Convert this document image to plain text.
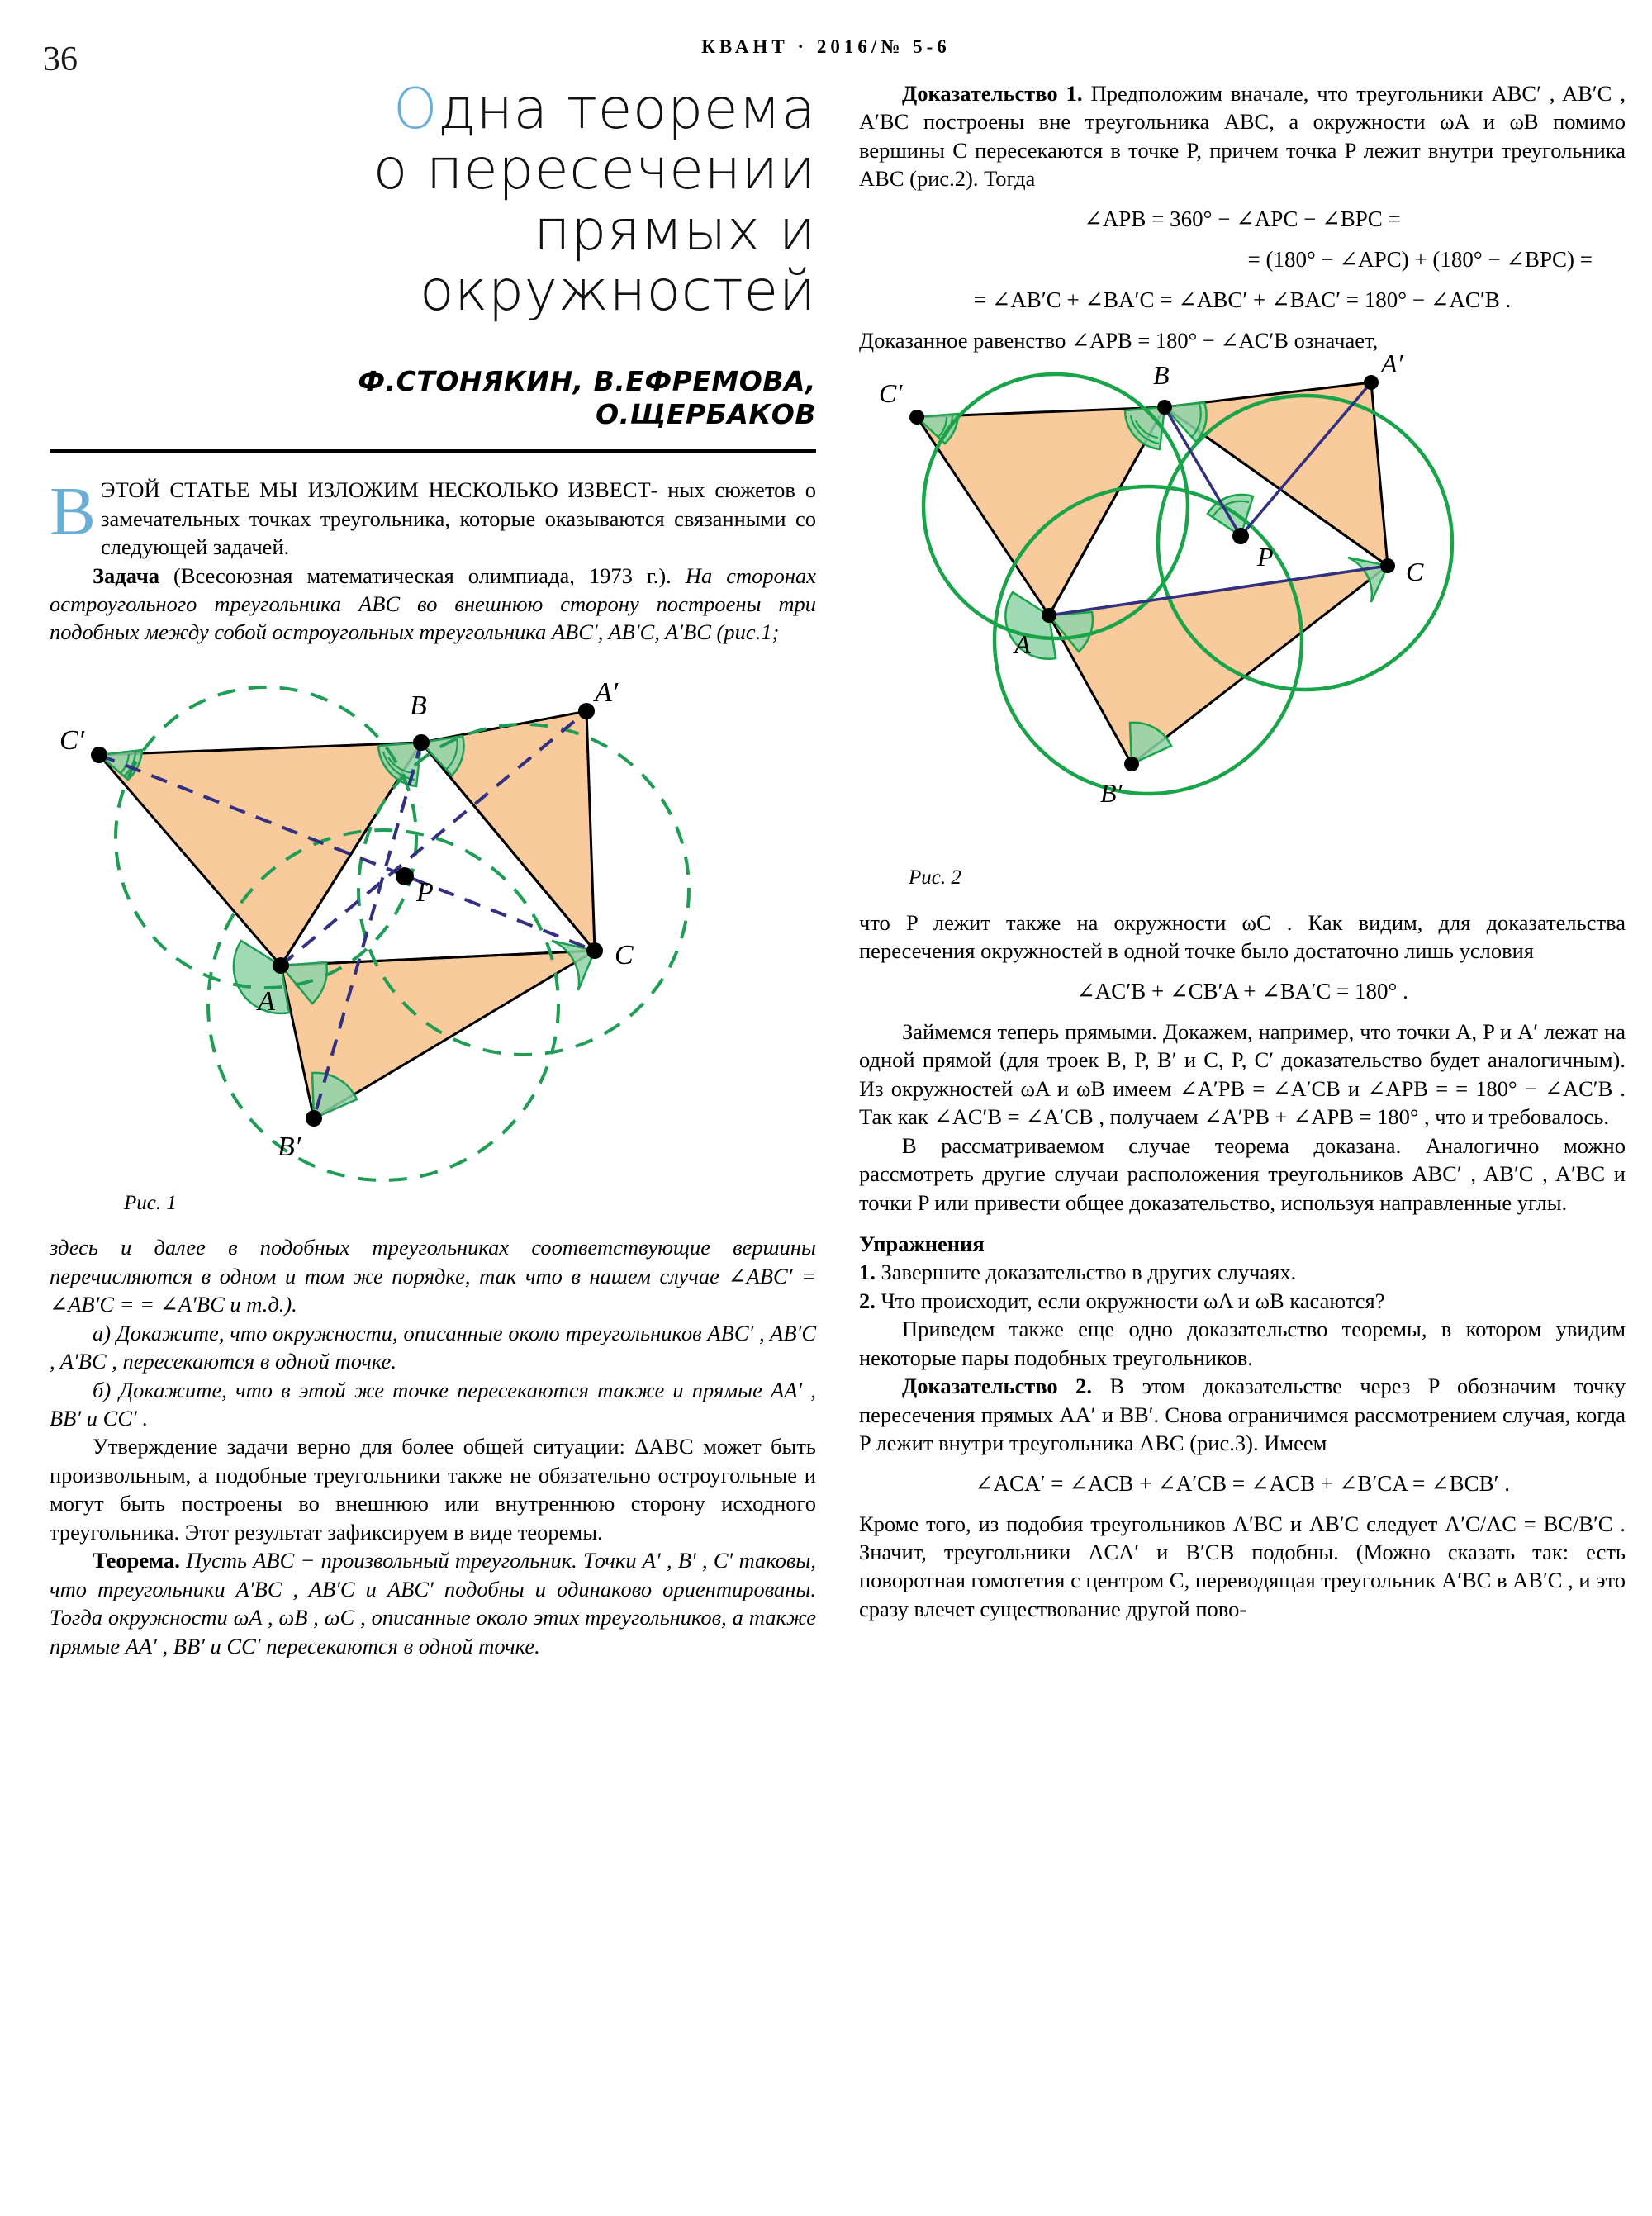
36	КВАНТ · 2016/№ 5-6
Одна теорема
о пересечении
прямых и
окружностей
Ф.СТОНЯКИН, В.ЕФРЕМОВА,
О.ЩЕРБАКОВ

ВЭТОЙ СТАТЬЕ МЫ ИЗЛОЖИМ НЕСКОЛЬКО ИЗВЕСТ- ных сюжетов о замечательных точках треугольника, которые оказываются связанными со следующей задачей.

Задача (Всесоюзная математическая олимпиада, 1973 г.). На сторонах остроугольного треугольника ABC во внешнюю сторону построены три подобных между собой остроугольных треугольника ABC′, AB′C, A′BC (рис.1;

C′
B	A′
A
C
B′
P
Рис. 1

здесь и далее в подобных треугольниках соответствующие вершины перечисляются в одном и том же порядке, так что в нашем случае ∠ABC′ = ∠AB′C = = ∠A′BC и т.д.).

а) Докажите, что окружности, описанные около треугольников ABC′ , AB′C , A′BC , пересекаются в одной точке.

б) Докажите, что в этой же точке пересекаются также и прямые AA′ , BB′ и CC′ .

Утверждение задачи верно для более общей ситуации: ΔABC может быть произвольным, а подобные треугольники также не обязательно остроугольные и могут быть построены во внешнюю или внутреннюю сторону исходного треугольника. Этот результат зафиксируем в виде теоремы.

Теорема. Пусть ABC − произвольный треугольник. Точки A′ , B′ , C′ таковы, что треугольники A′BC , AB′C и ABC′ подобны и одинаково ориентированы. Тогда окружности ωA , ωB , ωC , описанные около этих треугольников, а также прямые AA′ , BB′ и CC′ пересекаются в одной точке.

Доказательство 1. Предположим вначале, что треугольники ABC′ , AB′C , A′BC построены вне треугольника ABC, а окружности ωA и ωB помимо вершины C пересекаются в точке P, причем точка P лежит внутри треугольника ABC (рис.2). Тогда

∠APB = 360° − ∠APC − ∠BPC =

= (180° − ∠APC) + (180° − ∠BPC) =

= ∠AB′C + ∠BA′C = ∠ABC′ + ∠BAC′ = 180° − ∠AC′B .

Доказанное равенство ∠APB = 180° − ∠AC′B означает,

C′
B	A′
A
C
B′
P
Рис. 2

что P лежит также на окружности ωC . Как видим, для доказательства пересечения окружностей в одной точке было достаточно лишь условия

∠AC′B + ∠CB′A + ∠BA′C = 180° .

Займемся теперь прямыми. Докажем, например, что точки A, P и A′ лежат на одной прямой (для троек B, P, B′ и C, P, C′ доказательство будет аналогичным). Из окружностей ωA и ωB имеем ∠A′PB = ∠A′CB и ∠APB = = 180° − ∠AC′B . Так как ∠AC′B = ∠A′CB , получаем ∠A′PB + ∠APB = 180° , что и требовалось.

В рассматриваемом случае теорема доказана. Аналогично можно рассмотреть другие случаи расположения треугольников ABC′ , AB′C , A′BC и точки P или привести общее доказательство, используя направленные углы.

Упражнения

1. Завершите доказательство в других случаях.

2. Что происходит, если окружности ωA и ωB касаются?

Приведем также еще одно доказательство теоремы, в котором увидим некоторые пары подобных треугольников.

Доказательство 2. В этом доказательстве через P обозначим точку пересечения прямых AA′ и BB′. Снова ограничимся рассмотрением случая, когда P лежит внутри треугольника ABC (рис.3). Имеем

∠ACA′ = ∠ACB + ∠A′CB = ∠ACB + ∠B′CA = ∠BCB′ .

Кроме того, из подобия треугольников A′BC и AB′C следует A′C/AC = BC/B′C . Значит, треугольники ACA′ и B′CB подобны. (Можно сказать так: есть поворотная гомотетия с центром C, переводящая треугольник A′BC в AB′C , и это сразу влечет существование другой пово-
